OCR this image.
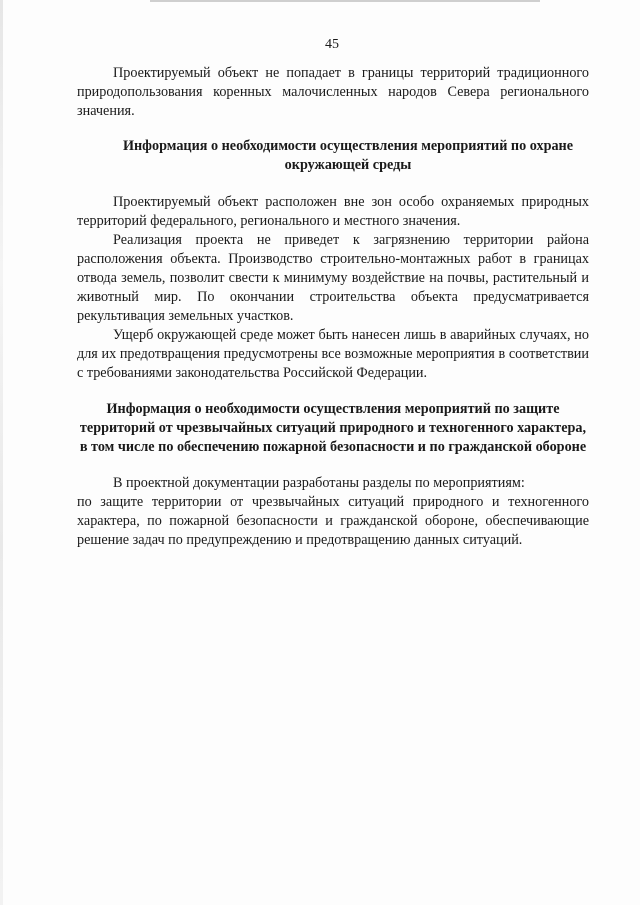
45

Проектируемый объект не попадает в границы территорий традиционного природопользования коренных малочисленных народов Севера регионального значения.

Информация о необходимости осуществления мероприятий по охране окружающей среды

Проектируемый объект расположен вне зон особо охраняемых природных территорий федерального, регионального и местного значения.

Реализация проекта не приведет к загрязнению территории района расположения объекта. Производство строительно-монтажных работ в границах отвода земель, позволит свести к минимуму воздействие на почвы, растительный и животный мир. По окончании строительства объекта предусматривается рекультивация земельных участков.

Ущерб окружающей среде может быть нанесен лишь в аварийных случаях, но для их предотвращения предусмотрены все возможные мероприятия в соответствии с требованиями законодательства Российской Федерации.

Информация о необходимости осуществления мероприятий по защите территорий от чрезвычайных ситуаций природного и техногенного характера, в том числе по обеспечению пожарной безопасности и по гражданской обороне

В проектной документации разработаны разделы по мероприятиям:

по защите территории от чрезвычайных ситуаций природного и техногенного характера, по пожарной безопасности и гражданской обороне, обеспечивающие решение задач по предупреждению и предотвращению данных ситуаций.
